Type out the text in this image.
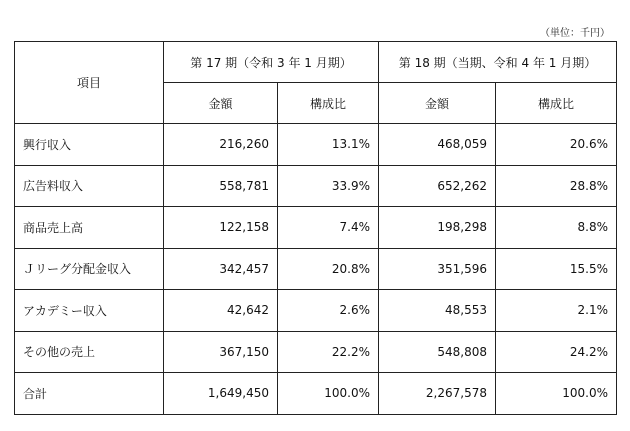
（単位：千円）
項目	第 17 期（令和 3 年 1 月期）		第 18 期（当期、令和 4 年 1 月期）	
	金額	構成比	金額	構成比
興行収入	216,260	13.1%	468,059	20.6%
広告料収入	558,781	33.9%	652,262	28.8%
商品売上高	122,158	7.4%	198,298	8.8%
Ｊリーグ分配金収入	342,457	20.8%	351,596	15.5%
アカデミー収入	42,642	2.6%	48,553	2.1%
その他の売上	367,150	22.2%	548,808	24.2%
合計	1,649,450	100.0%	2,267,578	100.0%
